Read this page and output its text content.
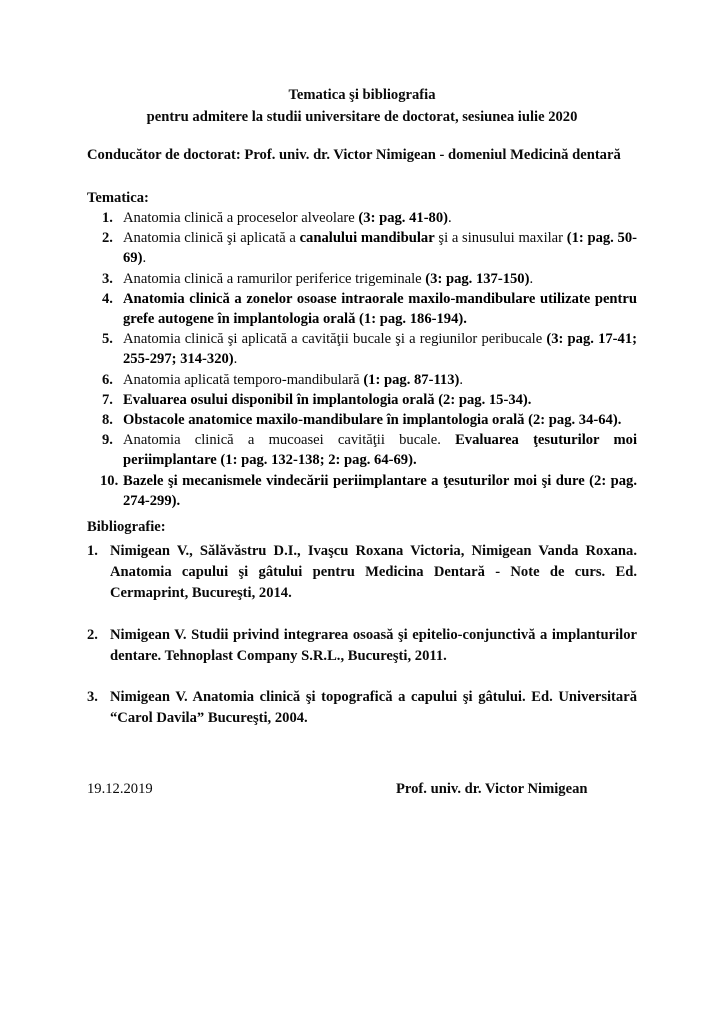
Tematica şi bibliografia
pentru admitere la studii universitare de doctorat, sesiunea iulie 2020

Conducător de doctorat: Prof. univ. dr. Victor Nimigean - domeniul Medicină dentară

Tematica:

1. Anatomia clinică a proceselor alveolare (3: pag. 41-80).
2. Anatomia clinică şi aplicată a canalului mandibular şi a sinusului maxilar (1: pag. 50-69).
3. Anatomia clinică a ramurilor periferice trigeminale (3: pag. 137-150).
4. Anatomia clinică a zonelor osoase intraorale maxilo-mandibulare utilizate pentru grefe autogene în implantologia orală (1: pag. 186-194).
5. Anatomia clinică şi aplicată a cavităţii bucale şi a regiunilor peribucale (3: pag. 17-41; 255-297; 314-320).
6. Anatomia aplicată temporo-mandibulară (1: pag. 87-113).
7. Evaluarea osului disponibil în implantologia orală (2: pag. 15-34).
8. Obstacole anatomice maxilo-mandibulare în implantologia orală (2: pag. 34-64).
9. Anatomia clinică a mucoasei cavităţii bucale. Evaluarea ţesuturilor moi periimplantare (1: pag. 132-138; 2: pag. 64-69).
10. Bazele şi mecanismele vindecării periimplantare a ţesuturilor moi şi dure (2: pag. 274-299).

Bibliografie:

1. Nimigean V., Sălăvăstru D.I., Ivaşcu Roxana Victoria, Nimigean Vanda Roxana. Anatomia capului şi gâtului pentru Medicina Dentară - Note de curs. Ed. Cermaprint, Bucureşti, 2014.
2. Nimigean V. Studii privind integrarea osoasă şi epitelio-conjunctivă a implanturilor dentare. Tehnoplast Company S.R.L., Bucureşti, 2011.
3. Nimigean V. Anatomia clinică şi topografică a capului şi gâtului. Ed. Universitară “Carol Davila” Bucureşti, 2004.
19.12.2019	Prof. univ. dr. Victor Nimigean
